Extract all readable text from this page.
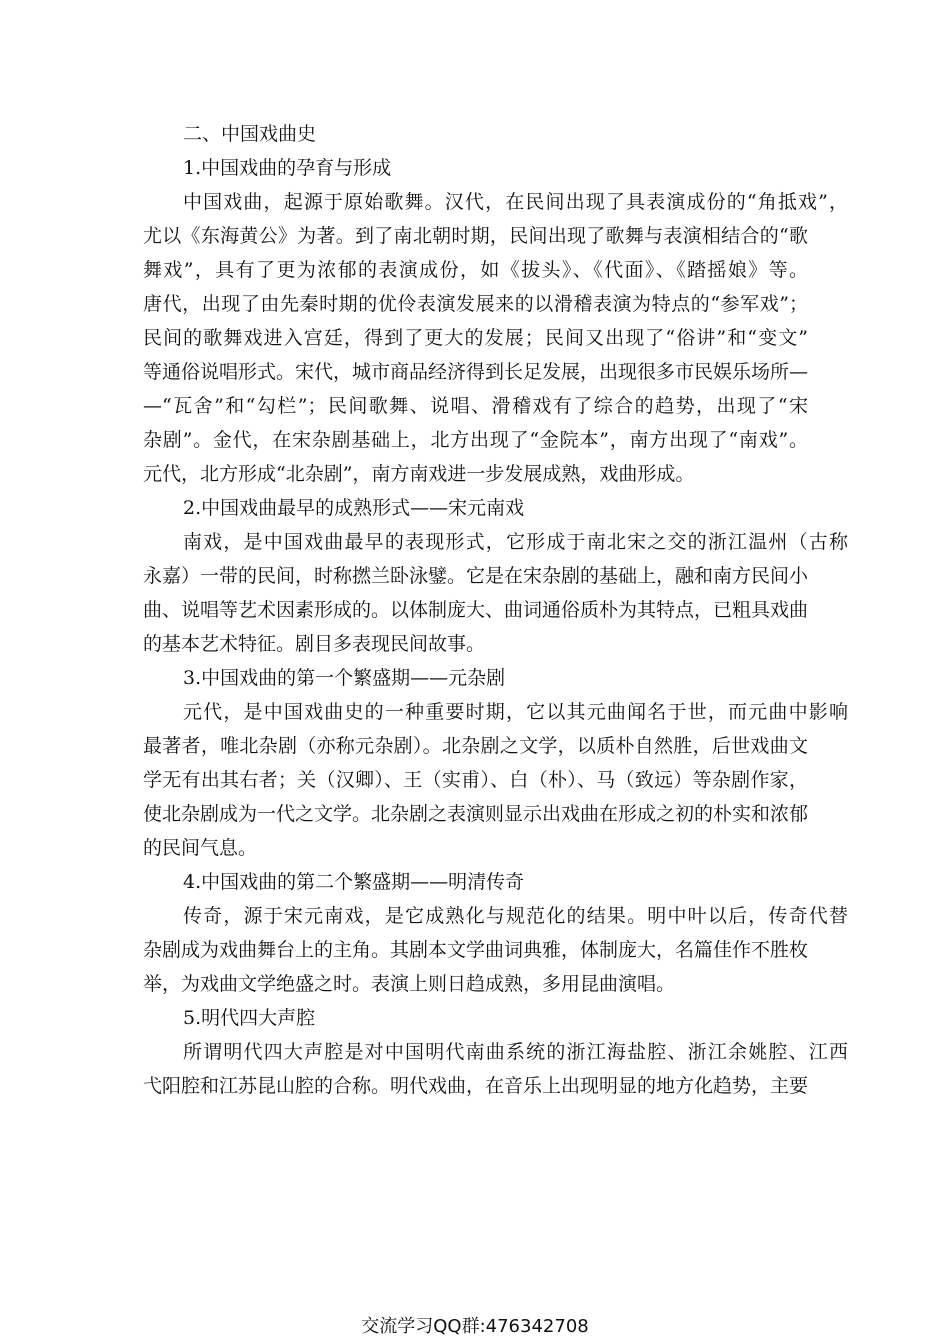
二、中国戏曲史

1.中国戏曲的孕育与形成

中国戏曲，起源于原始歌舞。汉代，在民间出现了具表演成份的“角抵戏”，

尤以《东海黄公》为著。到了南北朝时期，民间出现了歌舞与表演相结合的“歌

舞戏”，具有了更为浓郁的表演成份，如《拔头》、《代面》、《踏摇娘》等。

唐代，出现了由先秦时期的优伶表演发展来的以滑稽表演为特点的“参军戏”；

民间的歌舞戏进入宫廷，得到了更大的发展；民间又出现了“俗讲”和“变文”

等通俗说唱形式。宋代，城市商品经济得到长足发展，出现很多市民娱乐场所—

—“瓦舍”和“勾栏”；民间歌舞、说唱、滑稽戏有了综合的趋势，出现了“宋

杂剧”。金代，在宋杂剧基础上，北方出现了“金院本”，南方出现了“南戏”。

元代，北方形成“北杂剧”，南方南戏进一步发展成熟，戏曲形成。

2.中国戏曲最早的成熟形式——宋元南戏

南戏，是中国戏曲最早的表现形式，它形成于南北宋之交的浙江温州（古称

永嘉）一带的民间，时称撚兰卧泳鐾。它是在宋杂剧的基础上，融和南方民间小

曲、说唱等艺术因素形成的。以体制庞大、曲词通俗质朴为其特点，已粗具戏曲

的基本艺术特征。剧目多表现民间故事。

3.中国戏曲的第一个繁盛期——元杂剧

元代，是中国戏曲史的一种重要时期，它以其元曲闻名于世，而元曲中影响

最著者，唯北杂剧（亦称元杂剧）。北杂剧之文学，以质朴自然胜，后世戏曲文

学无有出其右者；关（汉卿）、王（实甫）、白（朴）、马（致远）等杂剧作家，

使北杂剧成为一代之文学。北杂剧之表演则显示出戏曲在形成之初的朴实和浓郁

的民间气息。

4.中国戏曲的第二个繁盛期——明清传奇

传奇，源于宋元南戏，是它成熟化与规范化的结果。明中叶以后，传奇代替

杂剧成为戏曲舞台上的主角。其剧本文学曲词典雅，体制庞大，名篇佳作不胜枚

举，为戏曲文学绝盛之时。表演上则日趋成熟，多用昆曲演唱。

5.明代四大声腔

所谓明代四大声腔是对中国明代南曲系统的浙江海盐腔、浙江余姚腔、江西

弋阳腔和江苏昆山腔的合称。明代戏曲，在音乐上出现明显的地方化趋势，主要

交流学习QQ群:476342708
